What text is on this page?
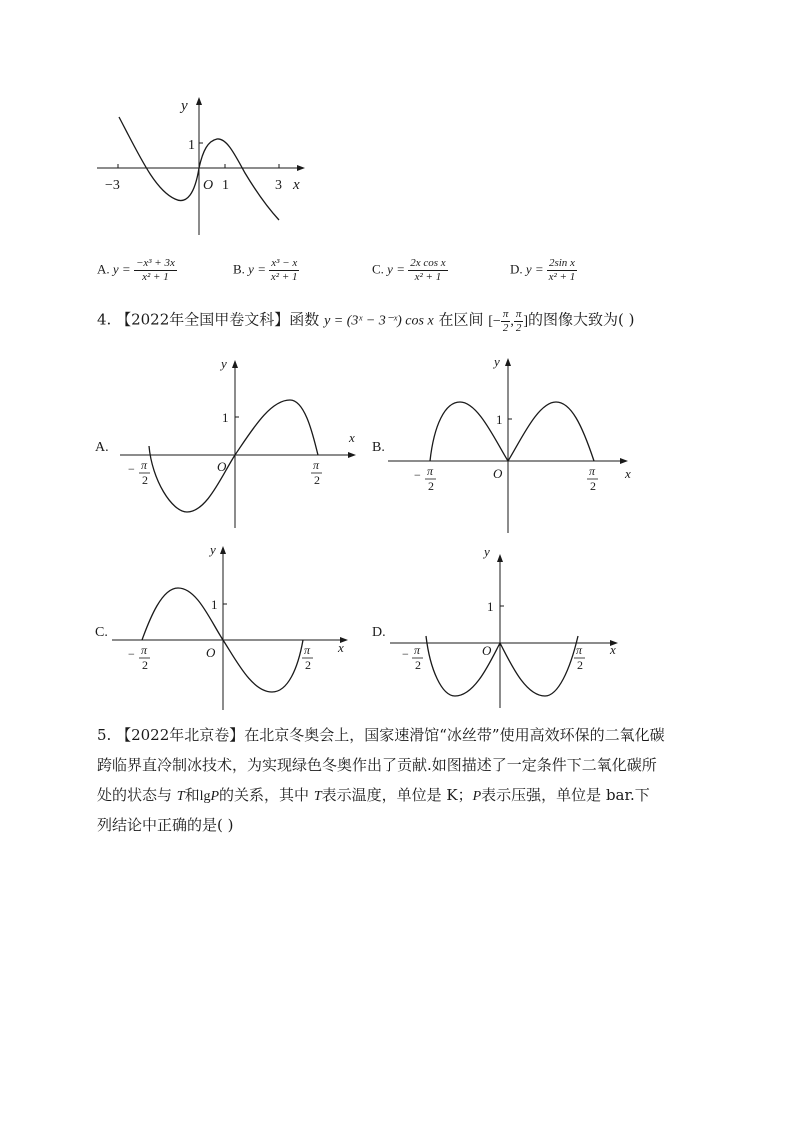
y
1
−3	O 1	3 x
A. $y = \frac{\text{−x³ + 3x}}{\text{x² + 1}}$	B. $y = \frac{\text{x³ − x}}{\text{x² + 1}}$	C. $y = \frac{\text{2x cos x}}{\text{x² + 1}}$	D. $y = \frac{\text{2sin x}}{\text{x² + 1}}$
4. 【2022年全国甲卷文科】函数 y = (3ˣ − 3⁻ˣ) cos x 在区间 [− $\frac{\pi}{2}$ , $\frac{\pi}{2}$ ]的图像大致为( )
A.
y
1
O
x
− π
2
π
2
B.
y
1
O	x
− π
2
π
2
C.
y
1
O	x
− π
2
π
2
D.
y
1
O	x
− π
2
π
2
5. 【2022年北京卷】在北京冬奥会上，国家速滑馆“冰丝带”使用高效环保的二氧化碳
跨临界直冷制冰技术，为实现绿色冬奥作出了贡献.如图描述了一定条件下二氧化碳所
处的状态与 T和lgP的关系，其中 T表示温度，单位是 K；P表示压强，单位是 bar.下
列结论中正确的是( )
